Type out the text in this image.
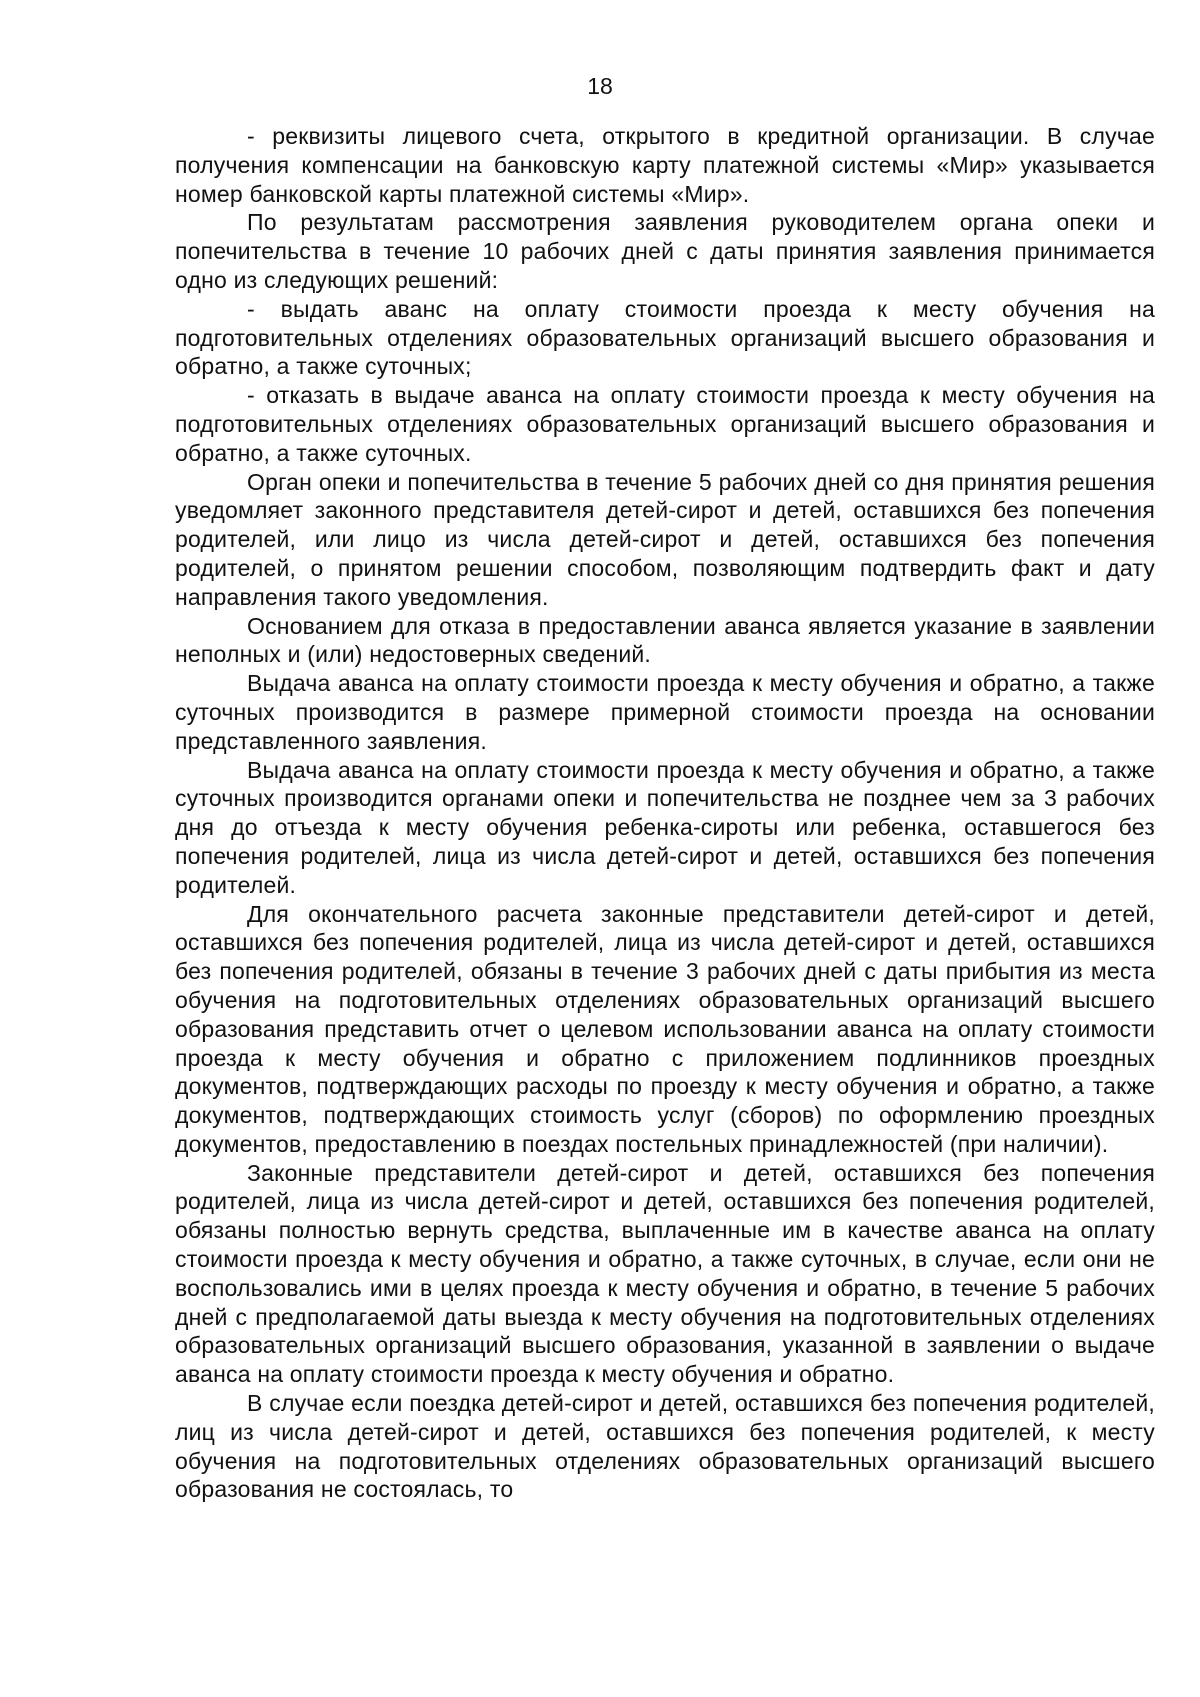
18

- реквизиты лицевого счета, открытого в кредитной организации. В случае получения компенсации на банковскую карту платежной системы «Мир» указывается номер банковской карты платежной системы «Мир».

По результатам рассмотрения заявления руководителем органа опеки и попечительства в течение 10 рабочих дней с даты принятия заявления принимается одно из следующих решений:

- выдать аванс на оплату стоимости проезда к месту обучения на подготовительных отделениях образовательных организаций высшего образования и обратно, а также суточных;

- отказать в выдаче аванса на оплату стоимости проезда к месту обучения на подготовительных отделениях образовательных организаций высшего образования и обратно, а также суточных.

Орган опеки и попечительства в течение 5 рабочих дней со дня принятия решения уведомляет законного представителя детей-сирот и детей, оставшихся без попечения родителей, или лицо из числа детей-сирот и детей, оставшихся без попечения родителей, о принятом решении способом, позволяющим подтвердить факт и дату направления такого уведомления.

Основанием для отказа в предоставлении аванса является указание в заявлении неполных и (или) недостоверных сведений.

Выдача аванса на оплату стоимости проезда к месту обучения и обратно, а также суточных производится в размере примерной стоимости проезда на основании представленного заявления.

Выдача аванса на оплату стоимости проезда к месту обучения и обратно, а также суточных производится органами опеки и попечительства не позднее чем за 3 рабочих дня до отъезда к месту обучения ребенка-сироты или ребенка, оставшегося без попечения родителей, лица из числа детей-сирот и детей, оставшихся без попечения родителей.

Для окончательного расчета законные представители детей-сирот и детей, оставшихся без попечения родителей, лица из числа детей-сирот и детей, оставшихся без попечения родителей, обязаны в течение 3 рабочих дней с даты прибытия из места обучения на подготовительных отделениях образовательных организаций высшего образования представить отчет о целевом использовании аванса на оплату стоимости проезда к месту обучения и обратно с приложением подлинников проездных документов, подтверждающих расходы по проезду к месту обучения и обратно, а также документов, подтверждающих стоимость услуг (сборов) по оформлению проездных документов, предоставлению в поездах постельных принадлежностей (при наличии).

Законные представители детей-сирот и детей, оставшихся без попечения родителей, лица из числа детей-сирот и детей, оставшихся без попечения родителей, обязаны полностью вернуть средства, выплаченные им в качестве аванса на оплату стоимости проезда к месту обучения и обратно, а также суточных, в случае, если они не воспользовались ими в целях проезда к месту обучения и обратно, в течение 5 рабочих дней с предполагаемой даты выезда к месту обучения на подготовительных отделениях образовательных организаций высшего образования, указанной в заявлении о выдаче аванса на оплату стоимости проезда к месту обучения и обратно.

В случае если поездка детей-сирот и детей, оставшихся без попечения родителей, лиц из числа детей-сирот и детей, оставшихся без попечения родителей, к месту обучения на подготовительных отделениях образовательных организаций высшего образования не состоялась, то
